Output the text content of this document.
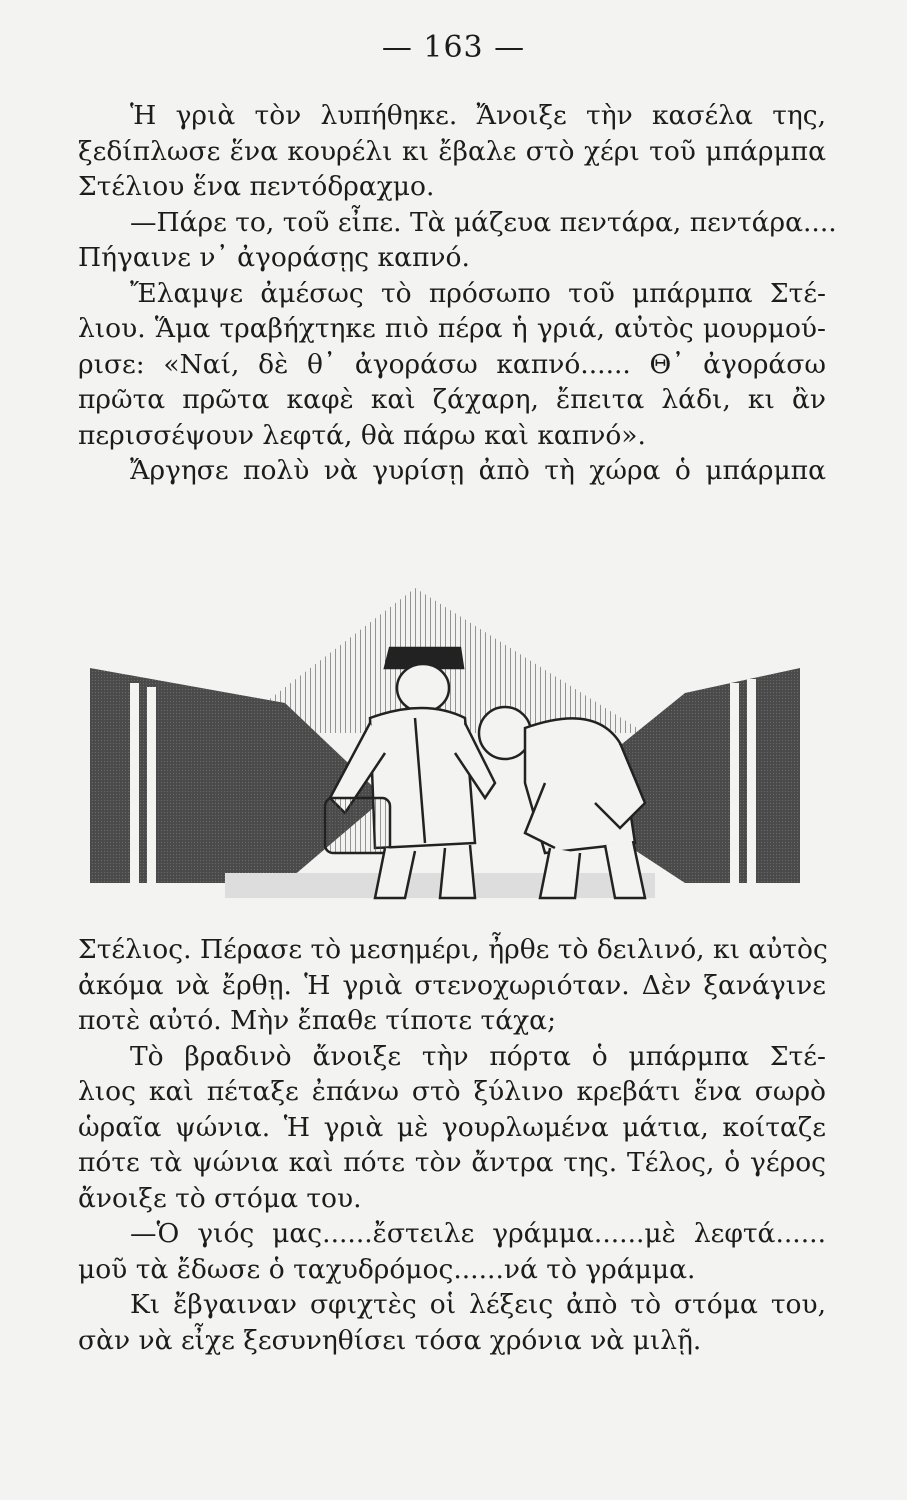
— 163 —
Ἡ γριὰ τὸν λυπήθηκε. Ἄνοιξε τὴν κασέλα της,
ξεδίπλωσε ἕνα κουρέλι κι ἔβαλε στὸ χέρι τοῦ μπάρμπα
Στέλιου ἕνα πεντόδραχμο.
—Πάρε το, τοῦ εἶπε. Τὰ μάζευα πεντάρα, πεντάρα....
Πήγαινε ν᾽ ἀγοράσῃς καπνό.
Ἔλαμψε ἀμέσως τὸ πρόσωπο τοῦ μπάρμπα Στέ-
λιου. Ἅμα τραβήχτηκε πιὸ πέρα ἡ γριά, αὐτὸς μουρμού-
ρισε: «Ναί, δὲ θ᾽ ἀγοράσω καπνό...... Θ᾽ ἀγοράσω
πρῶτα πρῶτα καφὲ καὶ ζάχαρη, ἔπειτα λάδι, κι ἂν
περισσέψουν λεφτά, θὰ πάρω καὶ καπνό».
Ἄργησε πολὺ νὰ γυρίσῃ ἀπὸ τὴ χώρα ὁ μπάρμπα
Στέλιος. Πέρασε τὸ μεσημέρι, ἦρθε τὸ δειλινό, κι αὐτὸς
ἀκόμα νὰ ἔρθῃ. Ἡ γριὰ στενοχωριόταν. Δὲν ξανάγινε
ποτὲ αὐτό. Μὴν ἔπαθε τίποτε τάχα;
Τὸ βραδινὸ ἄνοιξε τὴν πόρτα ὁ μπάρμπα Στέ-
λιος καὶ πέταξε ἐπάνω στὸ ξύλινο κρεβάτι ἕνα σωρὸ
ὡραῖα ψώνια. Ἡ γριὰ μὲ γουρλωμένα μάτια, κοίταζε
πότε τὰ ψώνια καὶ πότε τὸν ἄντρα της. Τέλος, ὁ γέρος
ἄνοιξε τὸ στόμα του.
—Ὁ γιός μας......ἔστειλε γράμμα......μὲ λεφτά......
μοῦ τὰ ἔδωσε ὁ ταχυδρόμος......νά τὸ γράμμα.
Κι ἔβγαιναν σφιχτὲς οἱ λέξεις ἀπὸ τὸ στόμα του,
σὰν νὰ εἶχε ξεσυνηθίσει τόσα χρόνια νὰ μιλῇ.
